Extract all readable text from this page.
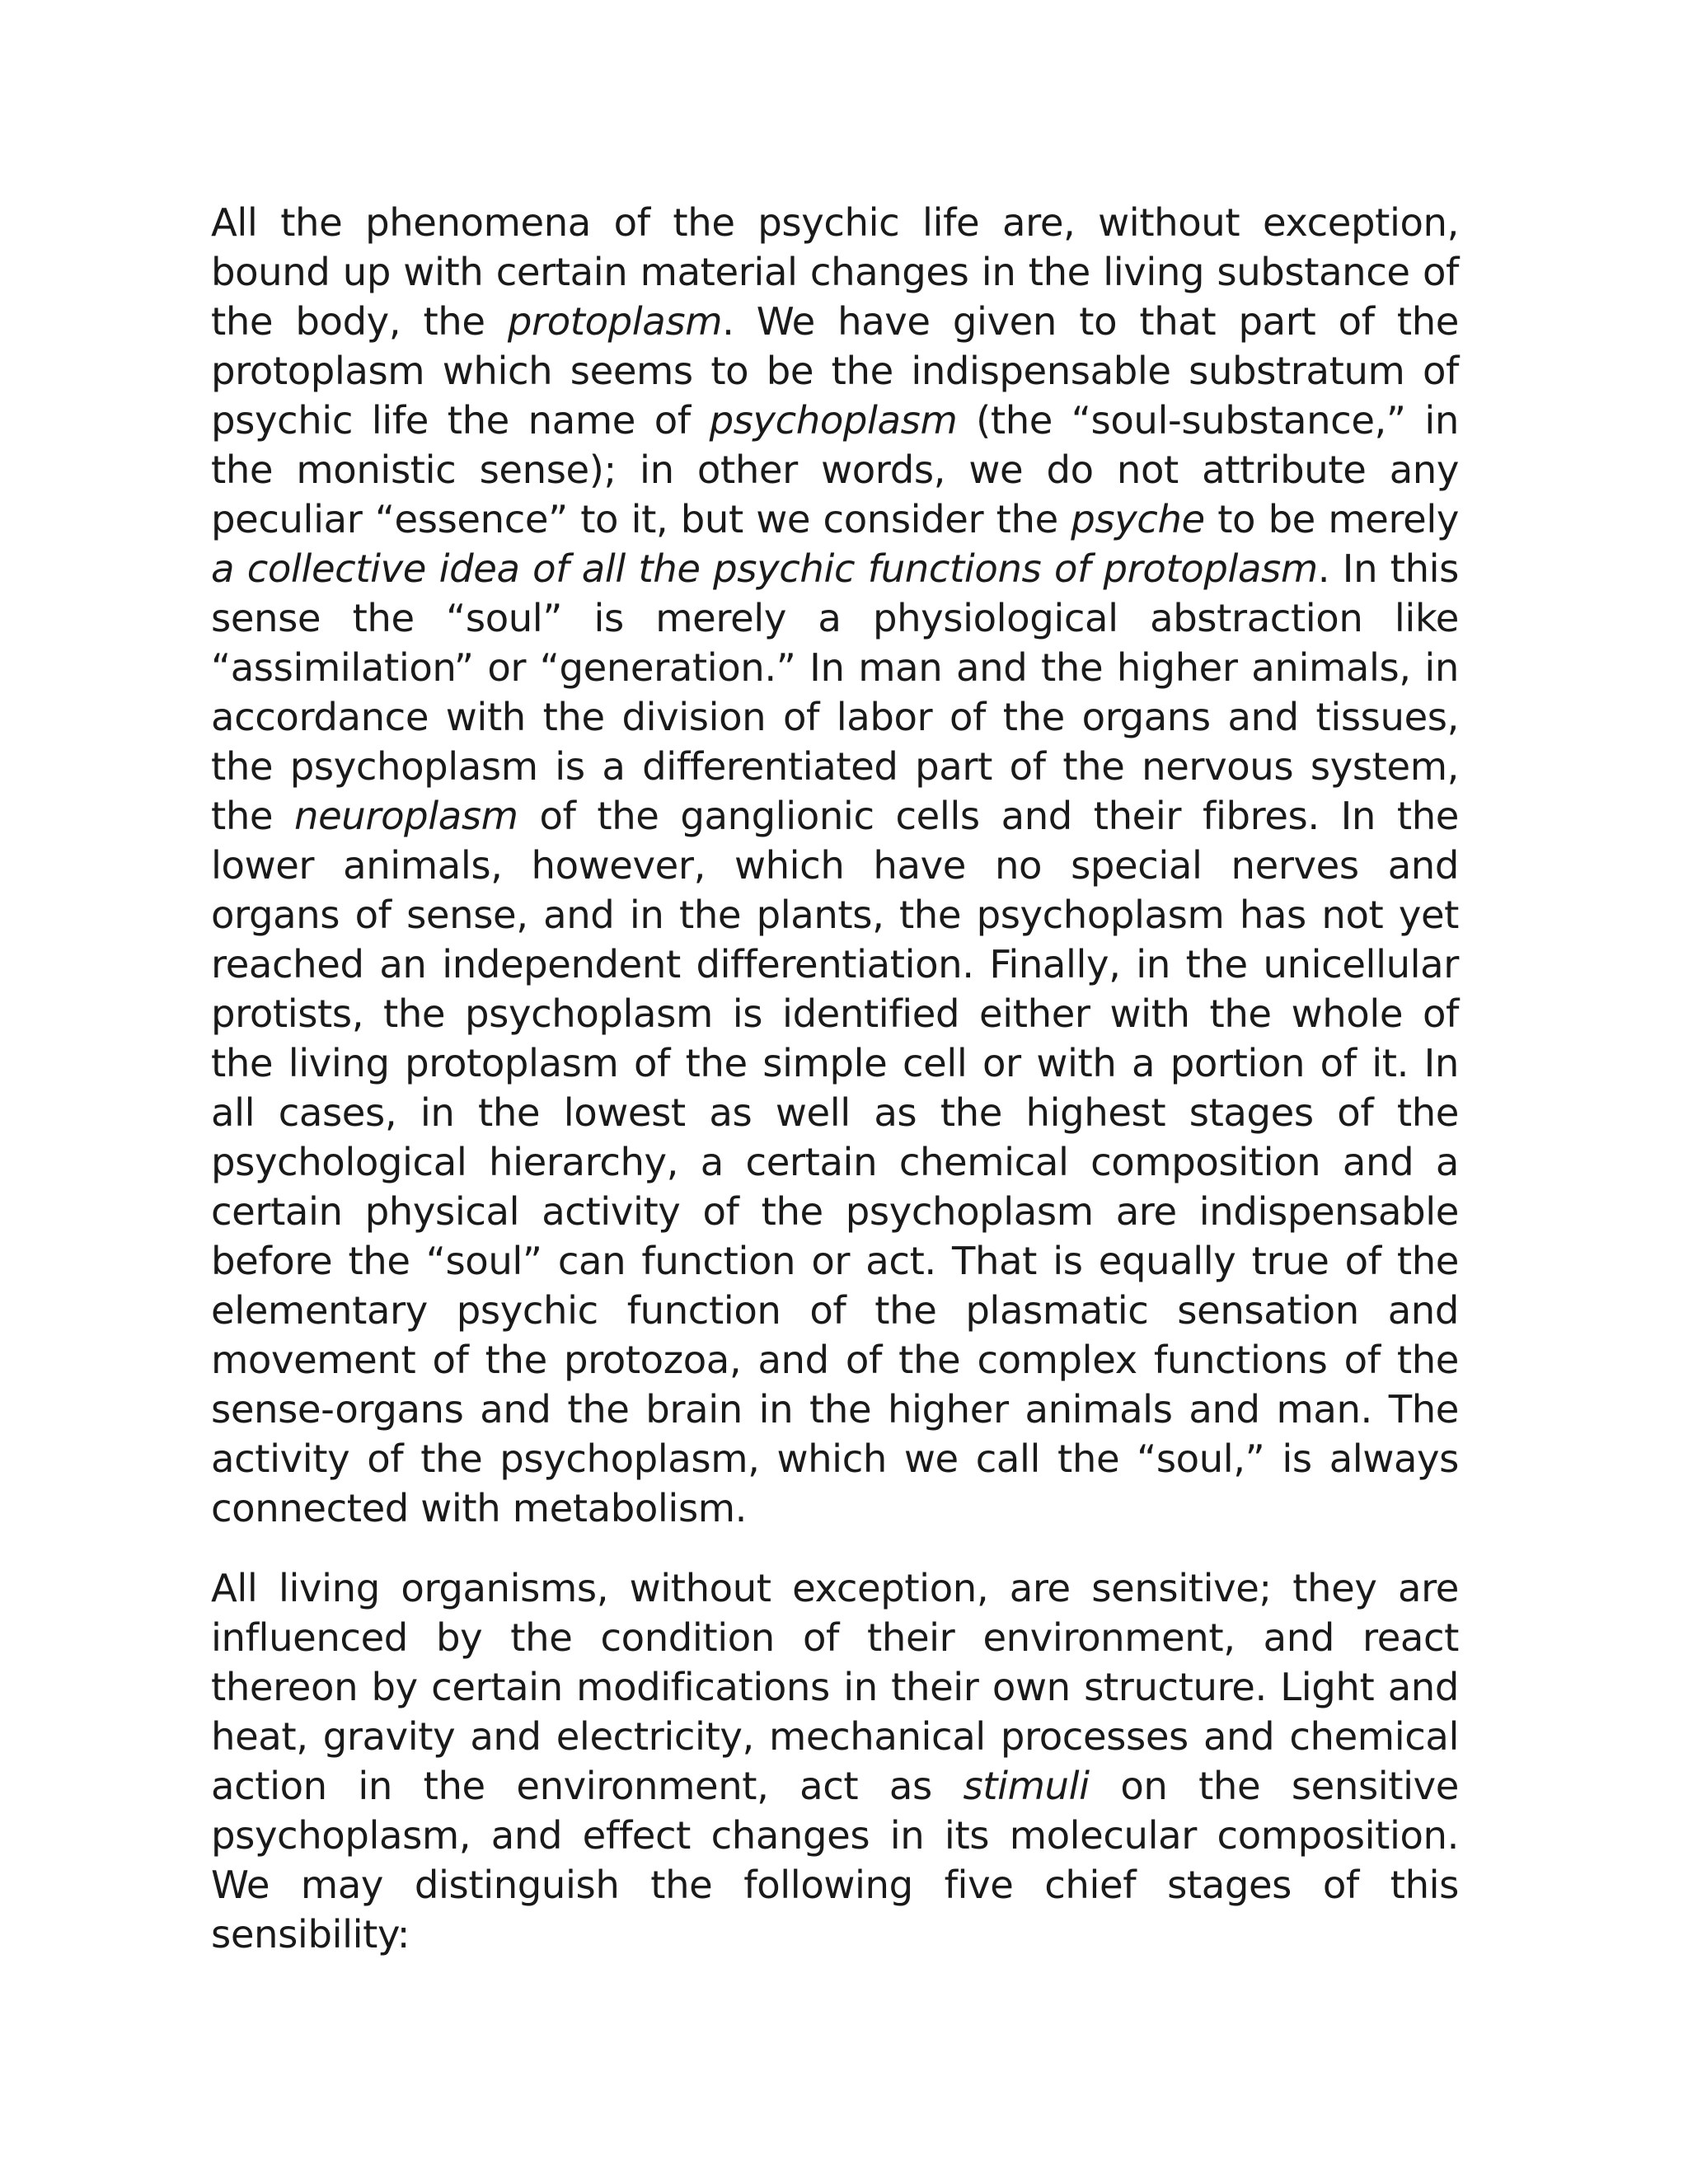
All the phenomena of the psychic life are, without exception, bound up with certain material changes in the living substance of the body, the protoplasm. We have given to that part of the protoplasm which seems to be the indispensable substratum of psychic life the name of psychoplasm (the “soul-substance,” in the monistic sense); in other words, we do not attribute any peculiar “essence” to it, but we consider the psyche to be merely a collective idea of all the psychic functions of protoplasm. In this sense the “soul” is merely a physiological abstraction like “assimilation” or “generation.” In man and the higher animals, in accordance with the division of labor of the organs and tissues, the psychoplasm is a differentiated part of the nervous system, the neuroplasm of the ganglionic cells and their fibres. In the lower animals, however, which have no special nerves and organs of sense, and in the plants, the psychoplasm has not yet reached an independent differentiation. Finally, in the unicellular protists, the psychoplasm is identified either with the whole of the living protoplasm of the simple cell or with a portion of it. In all cases, in the lowest as well as the highest stages of the psychological hierarchy, a certain chemical composition and a certain physical activity of the psychoplasm are indispensable before the “soul” can function or act. That is equally true of the elementary psychic function of the plasmatic sensation and movement of the protozoa, and of the complex functions of the sense-organs and the brain in the higher animals and man. The activity of the psychoplasm, which we call the “soul,” is always connected with metabolism.

All living organisms, without exception, are sensitive; they are influenced by the condition of their environment, and react thereon by certain modifications in their own structure. Light and heat, gravity and electricity, mechanical processes and chemical action in the environment, act as stimuli on the sensitive psychoplasm, and effect changes in its molecular composition. We may distinguish the following five chief stages of this sensibility:
